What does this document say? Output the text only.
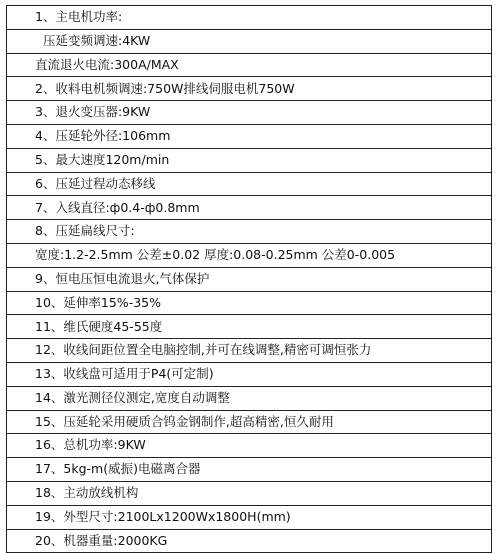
1、主电机功率:
压延变频调速:4KW
直流退火电流:300A/MAX
2、收料电机频调速:750W排线伺服电机750W
3、退火变压器:9KW
4、压延轮外径:106mm
5、最大速度120m/min
6、压延过程动态移线
7、入线直径:ф0.4-ф0.8mm
8、压延扁线尺寸:
宽度:1.2-2.5mm 公差±0.02 厚度:0.08-0.25mm 公差0-0.005
9、恒电压恒电流退火,气体保护
10、延伸率15%-35%
11、维氏硬度45-55度
12、收线间距位置全电脑控制,并可在线调整,精密可调恒张力
13、收线盘可适用于P4(可定制)
14、激光测径仪测定,宽度自动调整
15、压延轮采用硬质合钨金钢制作,超高精密,恒久耐用
16、总机功率:9KW
17、5kg-m(威振)电磁离合器
18、主动放线机构
19、外型尺寸:2100Lx1200Wx1800H(mm)
20、机器重量:2000KG
